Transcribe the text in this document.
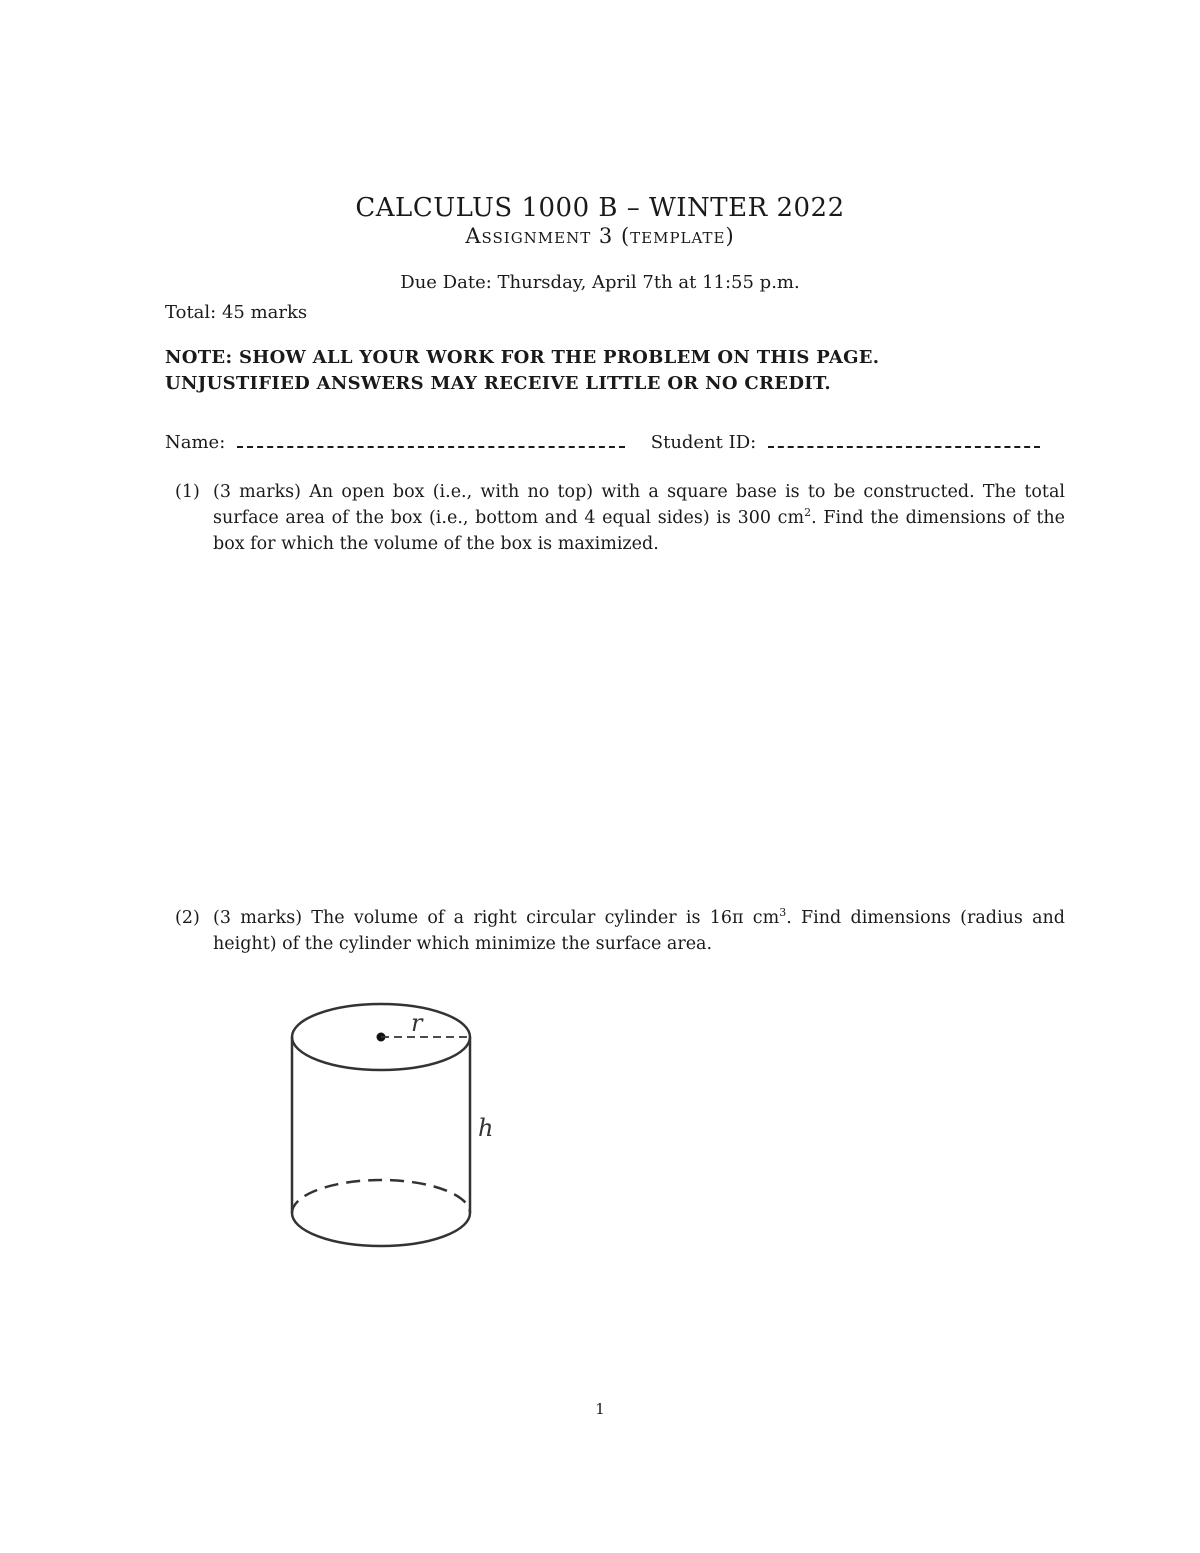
CALCULUS 1000 B – WINTER 2022
Assignment 3 (template)
Due Date: Thursday, April 7th at 11:55 p.m.
Total: 45 marks
NOTE: SHOW ALL YOUR WORK FOR THE PROBLEM ON THIS PAGE.
UNJUSTIFIED ANSWERS MAY RECEIVE LITTLE OR NO CREDIT.
Name:	Student ID:
(1) (3 marks) An open box (i.e., with no top) with a square base is to be constructed. The total surface area of the box (i.e., bottom and 4 equal sides) is 300 $cm^2$. Find the dimensions of the box for which the volume of the box is maximized.
(2) (3 marks) The volume of a right circular cylinder is 16π $cm^3$. Find dimensions (radius and height) of the cylinder which minimize the surface area.
r
h
1
